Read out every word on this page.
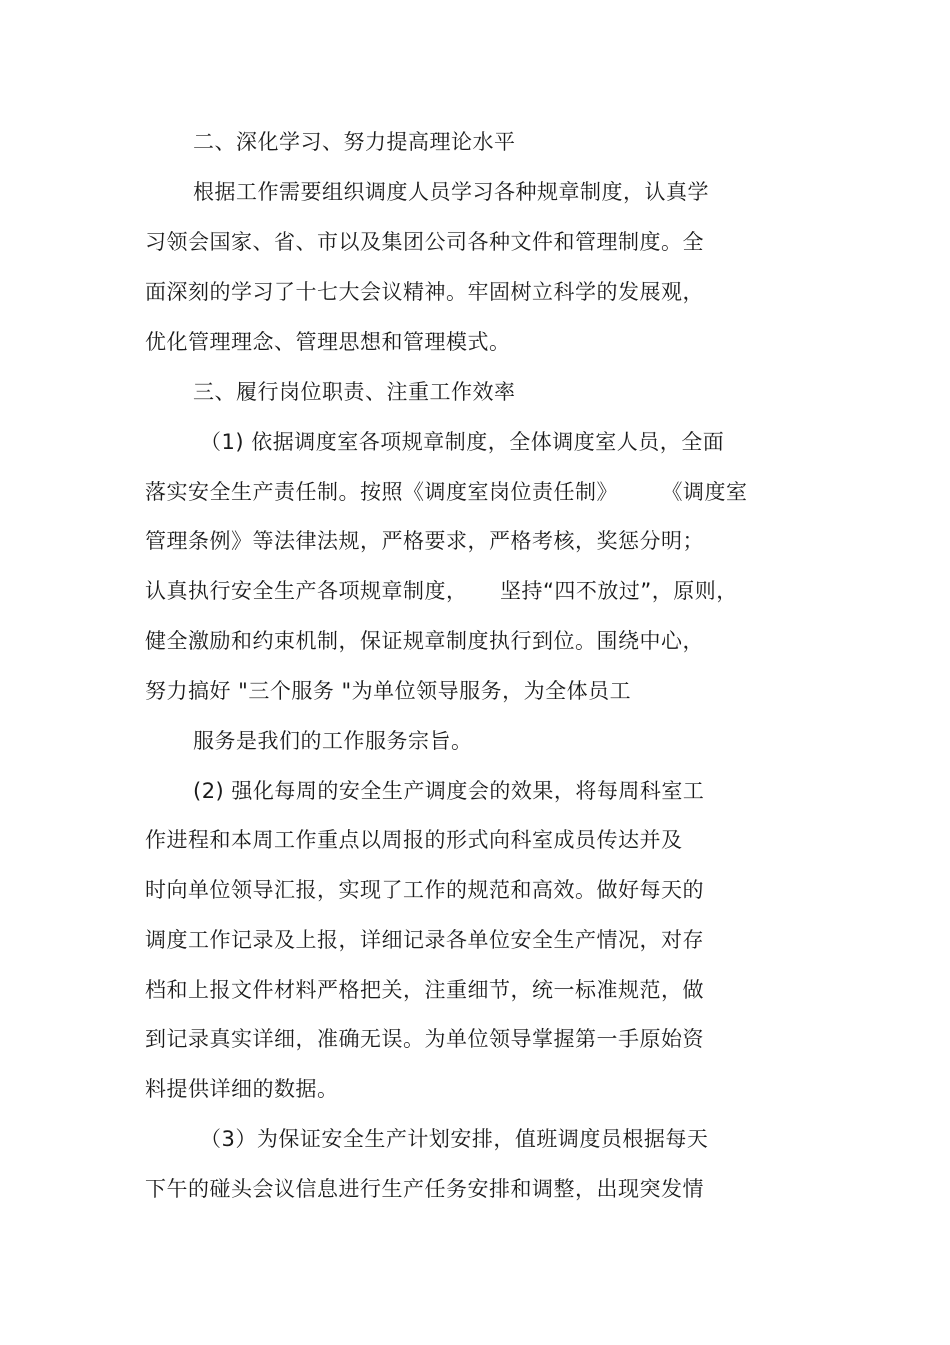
二、深化学习、努力提高理论水平
根据工作需要组织调度人员学习各种规章制度，认真学
习领会国家、省、市以及集团公司各种文件和管理制度。全
面深刻的学习了十七大会议精神。牢固树立科学的发展观，
优化管理理念、管理思想和管理模式。
三、履行岗位职责、注重工作效率
（1) 依据调度室各项规章制度，全体调度室人员，全面
落实安全生产责任制。按照《调度室岗位责任制》　　　《调度室
管理条例》等法律法规，严格要求，严格考核，奖惩分明；
认真执行安全生产各项规章制度，　　坚持“四不放过”，原则，
健全激励和约束机制，保证规章制度执行到位。围绕中心，
努力搞好 "三个服务 "为单位领导服务，为全体员工
服务是我们的工作服务宗旨。
(2) 强化每周的安全生产调度会的效果，将每周科室工
作进程和本周工作重点以周报的形式向科室成员传达并及
时向单位领导汇报，实现了工作的规范和高效。做好每天的
调度工作记录及上报，详细记录各单位安全生产情况，对存
档和上报文件材料严格把关，注重细节，统一标准规范，做
到记录真实详细，准确无误。为单位领导掌握第一手原始资
料提供详细的数据。
（3）为保证安全生产计划安排，值班调度员根据每天
下午的碰头会议信息进行生产任务安排和调整，出现突发情
